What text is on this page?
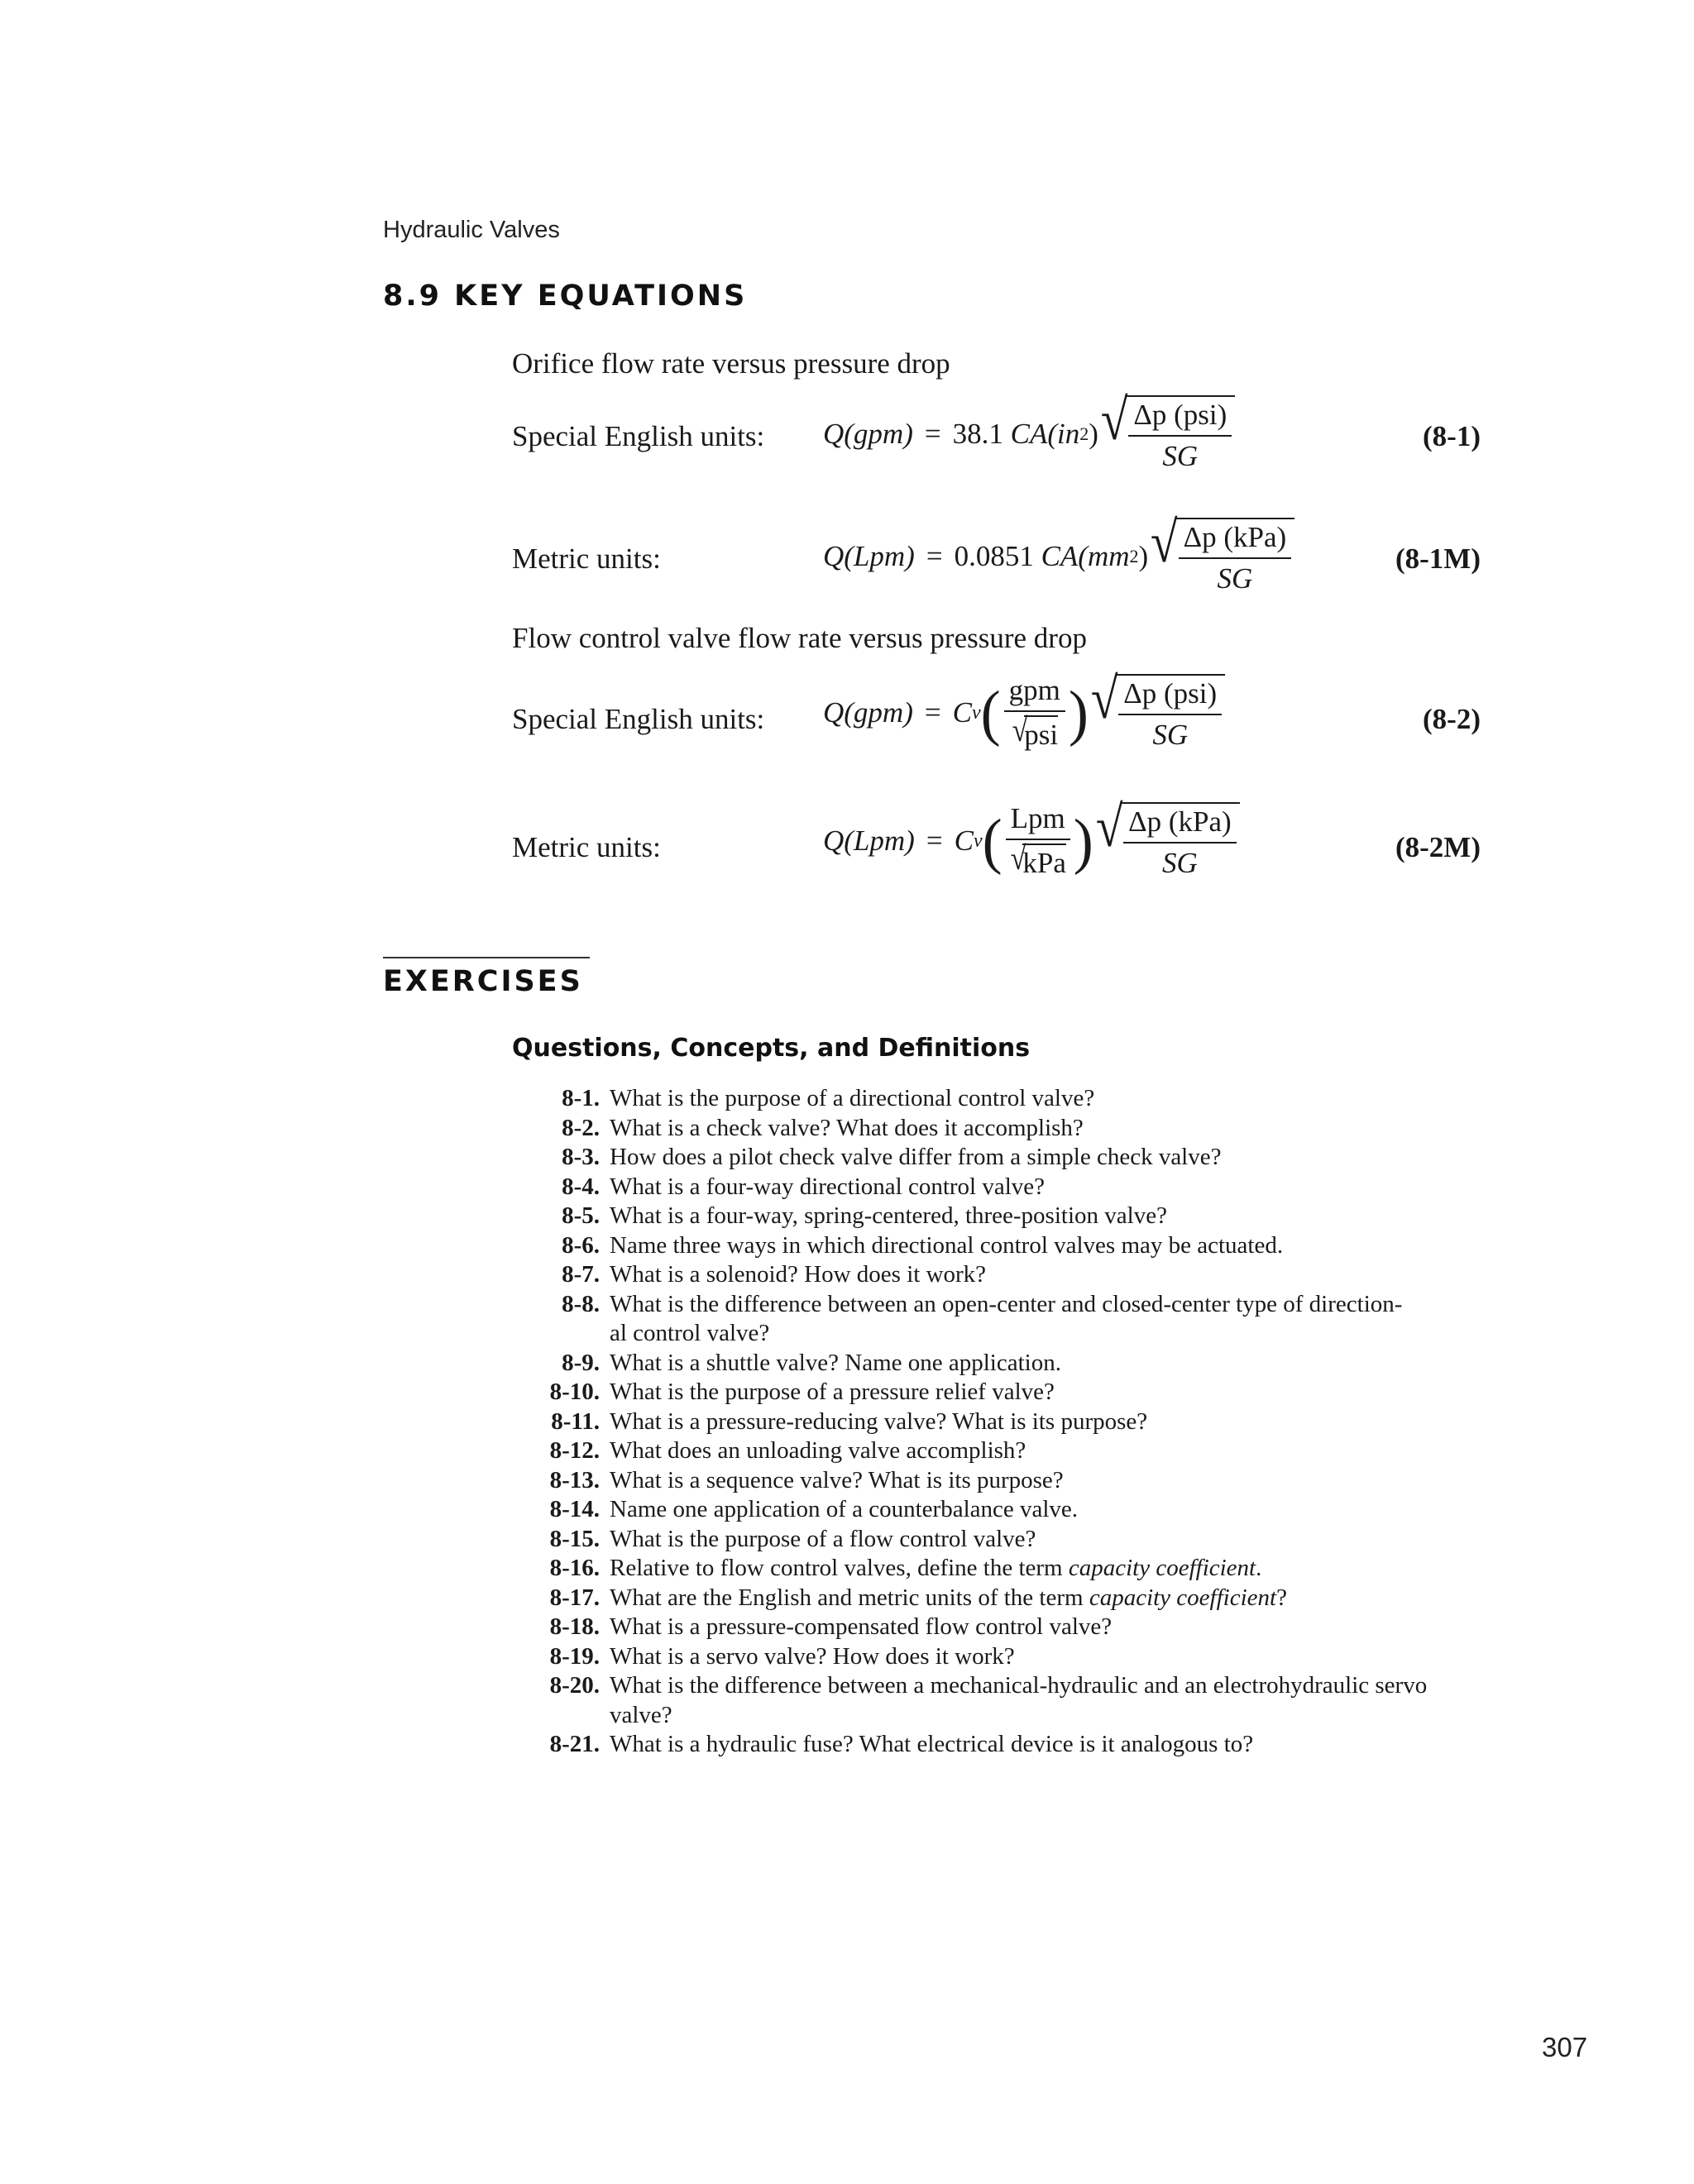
Hydraulic Valves
8.9 KEY EQUATIONS
Orifice flow rate versus pressure drop
Special English units: Q(gpm) = 38.1
CA(in 2 ) √ $\frac{\text{Δp (psi)}}{SG}$	(8-1)
Metric units:	Q(Lpm) = 0.0851
CA(mm 2 ) √ $\frac{\text{Δp (kPa)}}{SG}$	(8-1M)
Flow control valve flow rate versus pressure drop
Special English units: Q(gpm) = C v ( gpm
√
psi ) √ $\frac{\text{Δp (psi)}}{SG}$	(8-2)
Metric units:	Q(Lpm) = C v ( Lpm
√
kPa ) √ $\frac{\text{Δp (kPa)}}{SG}$	(8-2M)
EXERCISES
Questions, Concepts, and Definitions
8-1. What is the purpose of a directional control valve?
8-2. What is a check valve? What does it accomplish?
8-3. How does a pilot check valve differ from a simple check valve?
8-4. What is a four-way directional control valve?
8-5. What is a four-way, spring-centered, three-position valve?
8-6. Name three ways in which directional control valves may be actuated.
8-7. What is a solenoid? How does it work?
8-8. What is the difference between an open-center and closed-center type of direction-
al control valve?
8-9. What is a shuttle valve? Name one application.
8-10. What is the purpose of a pressure relief valve?
8-11. What is a pressure-reducing valve? What is its purpose?
8-12. What does an unloading valve accomplish?
8-13. What is a sequence valve? What is its purpose?
8-14. Name one application of a counterbalance valve.
8-15. What is the purpose of a flow control valve?
8-16. Relative to flow control valves, define the term capacity coefficient.
8-17. What are the English and metric units of the term capacity coefficient?
8-18. What is a pressure-compensated flow control valve?
8-19. What is a servo valve? How does it work?
8-20. What is the difference between a mechanical-hydraulic and an electrohydraulic servo
valve?
8-21. What is a hydraulic fuse? What electrical device is it analogous to?
307
